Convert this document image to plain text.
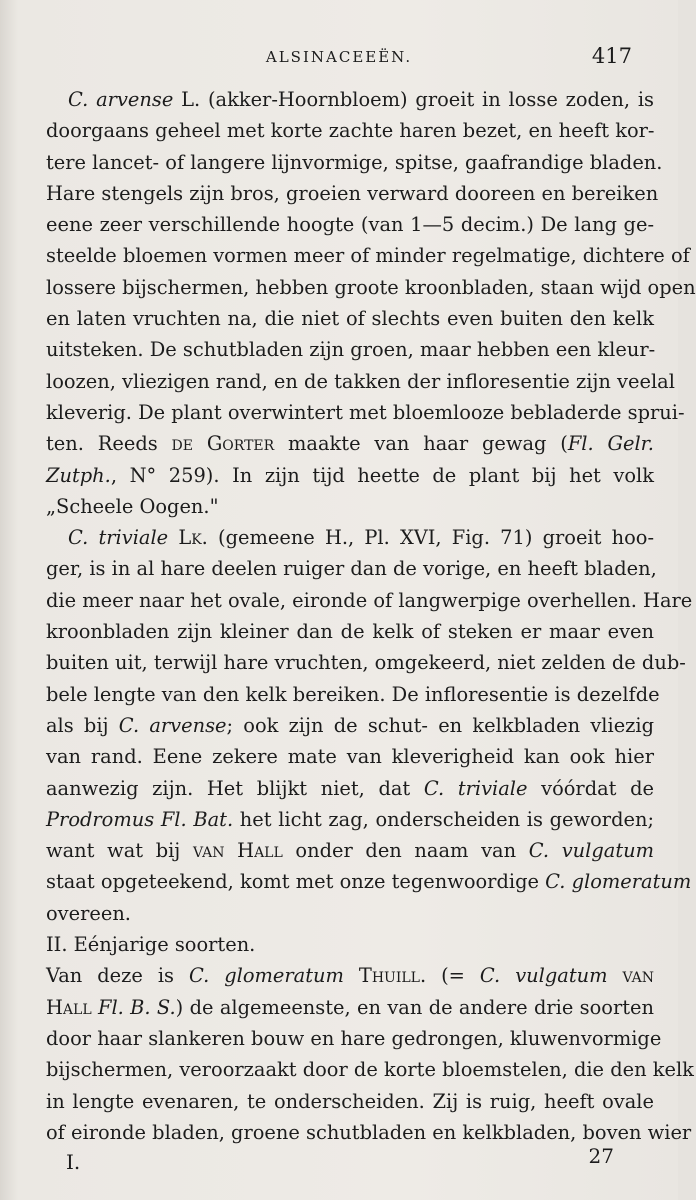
ALSINACEEËN.	417
C. arvense L. (akker-Hoornbloem) groeit in losse zoden, is
doorgaans geheel met korte zachte haren bezet, en heeft kor-
tere lancet- of langere lijnvormige, spitse, gaafrandige bladen.
Hare stengels zijn bros, groeien verward dooreen en bereiken
eene zeer verschillende hoogte (van 1—5 decim.) De lang ge-
steelde bloemen vormen meer of minder regelmatige, dichtere of
lossere bijschermen, hebben groote kroonbladen, staan wijd open
en laten vruchten na, die niet of slechts even buiten den kelk
uitsteken. De schutbladen zijn groen, maar hebben een kleur-
loozen, vliezigen rand, en de takken der infloresentie zijn veelal
kleverig. De plant overwintert met bloemlooze bebladerde sprui-
ten. Reeds de Gorter maakte van haar gewag (Fl. Gelr.
Zutph., N° 259). In zijn tijd heette de plant bij het volk
„Scheele Oogen."
C. triviale Lk. (gemeene H., Pl. XVI, Fig. 71) groeit hoo-
ger, is in al hare deelen ruiger dan de vorige, en heeft bladen,
die meer naar het ovale, eironde of langwerpige overhellen. Hare
kroonbladen zijn kleiner dan de kelk of steken er maar even
buiten uit, terwijl hare vruchten, omgekeerd, niet zelden de dub-
bele lengte van den kelk bereiken. De infloresentie is dezelfde
als bij C. arvense; ook zijn de schut- en kelkbladen vliezig
van rand. Eene zekere mate van kleverigheid kan ook hier
aanwezig zijn. Het blijkt niet, dat C. triviale vóórdat de
Prodromus Fl. Bat. het licht zag, onderscheiden is geworden;
want wat bij van Hall onder den naam van C. vulgatum
staat opgeteekend, komt met onze tegenwoordige C. glomeratum
overeen.
II. Eénjarige soorten.
Van deze is C. glomeratum Thuill. (= C. vulgatum van
Hall Fl. B. S.) de algemeenste, en van de andere drie soorten
door haar slankeren bouw en hare gedrongen, kluwenvormige
bijschermen, veroorzaakt door de korte bloemstelen, die den kelk
in lengte evenaren, te onderscheiden. Zij is ruig, heeft ovale
of eironde bladen, groene schutbladen en kelkbladen, boven wier
I.	27
